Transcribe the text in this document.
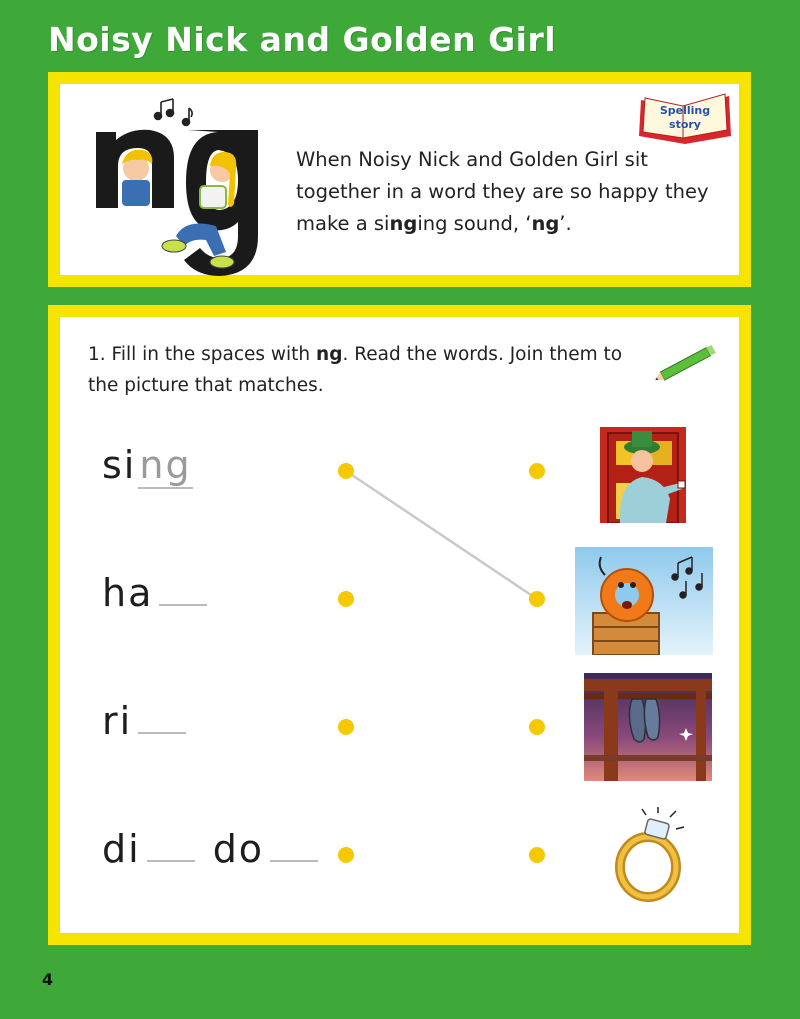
Noisy Nick and Golden Girl
When Noisy Nick and Golden Girl sit together in a word they are so happy they make a singing sound, ‘ng’.
Spelling
story
1. Fill in the spaces with ng. Read the words. Join them to the picture that matches.
sing
ha
ri
di do
4
